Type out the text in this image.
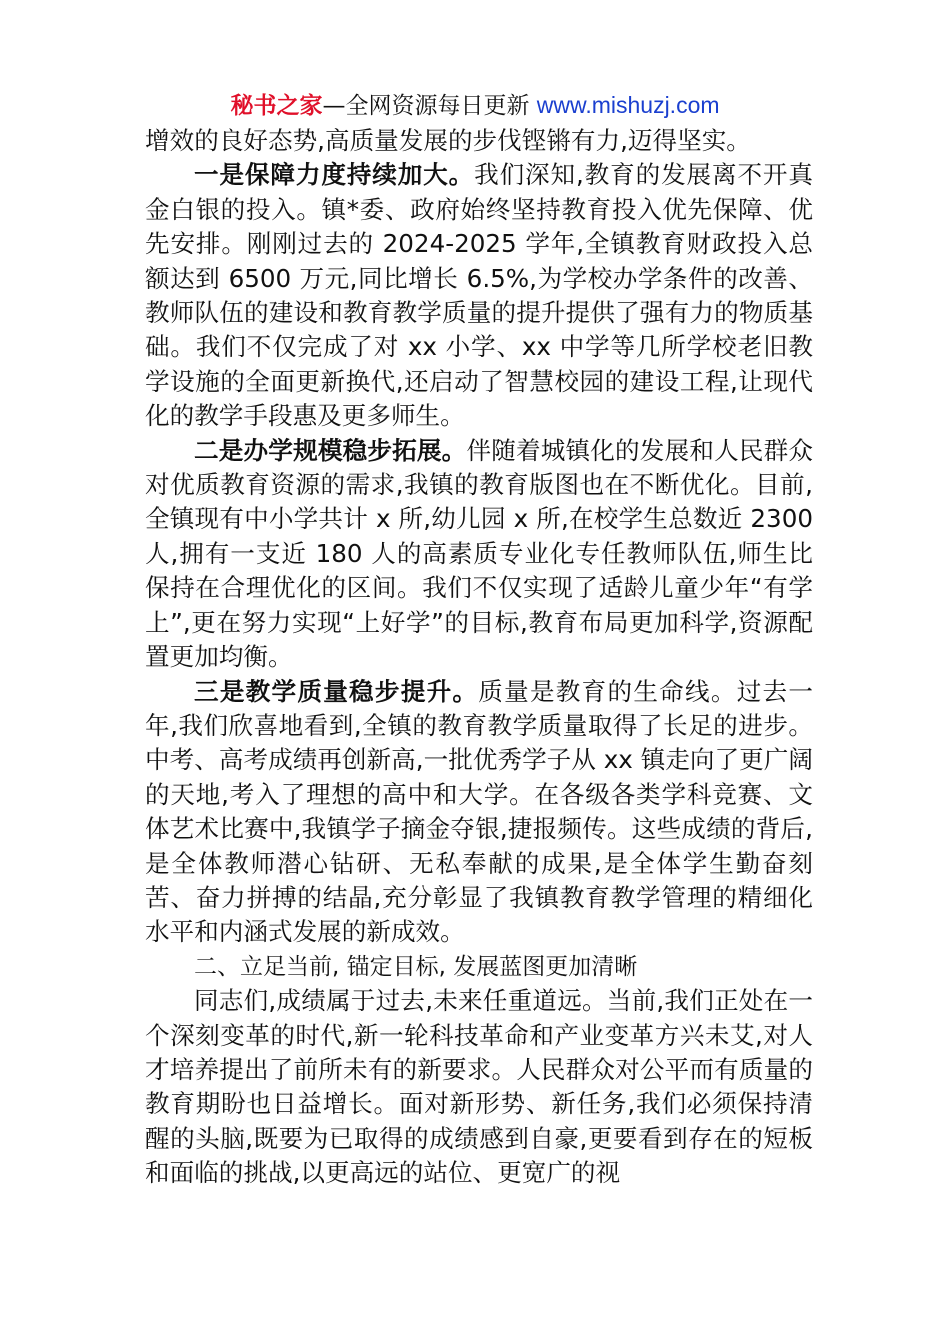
秘书之家—全网资源每日更新 www.mishuzj.com

增效的良好态势,高质量发展的步伐铿锵有力,迈得坚实。

一是保障力度持续加大。我们深知,教育的发展离不开真金白银的投入。镇*委、政府始终坚持教育投入优先保障、优先安排。刚刚过去的 2024-2025 学年,全镇教育财政投入总额达到 6500 万元,同比增长 6.5%,为学校办学条件的改善、教师队伍的建设和教育教学质量的提升提供了强有力的物质基础。我们不仅完成了对 xx 小学、xx 中学等几所学校老旧教学设施的全面更新换代,还启动了智慧校园的建设工程,让现代化的教学手段惠及更多师生。

二是办学规模稳步拓展。伴随着城镇化的发展和人民群众对优质教育资源的需求,我镇的教育版图也在不断优化。目前,全镇现有中小学共计 x 所,幼儿园 x 所,在校学生总数近 2300 人,拥有一支近 180 人的高素质专业化专任教师队伍,师生比保持在合理优化的区间。我们不仅实现了适龄儿童少年“有学上”,更在努力实现“上好学”的目标,教育布局更加科学,资源配置更加均衡。

三是教学质量稳步提升。质量是教育的生命线。过去一年,我们欣喜地看到,全镇的教育教学质量取得了长足的进步。中考、高考成绩再创新高,一批优秀学子从 xx 镇走向了更广阔的天地,考入了理想的高中和大学。在各级各类学科竞赛、文体艺术比赛中,我镇学子摘金夺银,捷报频传。这些成绩的背后,是全体教师潜心钻研、无私奉献的成果,是全体学生勤奋刻苦、奋力拼搏的结晶,充分彰显了我镇教育教学管理的精细化水平和内涵式发展的新成效。

二、立足当前, 锚定目标, 发展蓝图更加清晰

同志们,成绩属于过去,未来任重道远。当前,我们正处在一个深刻变革的时代,新一轮科技革命和产业变革方兴未艾,对人才培养提出了前所未有的新要求。人民群众对公平而有质量的教育期盼也日益增长。面对新形势、新任务,我们必须保持清醒的头脑,既要为已取得的成绩感到自豪,更要看到存在的短板和面临的挑战,以更高远的站位、更宽广的视
